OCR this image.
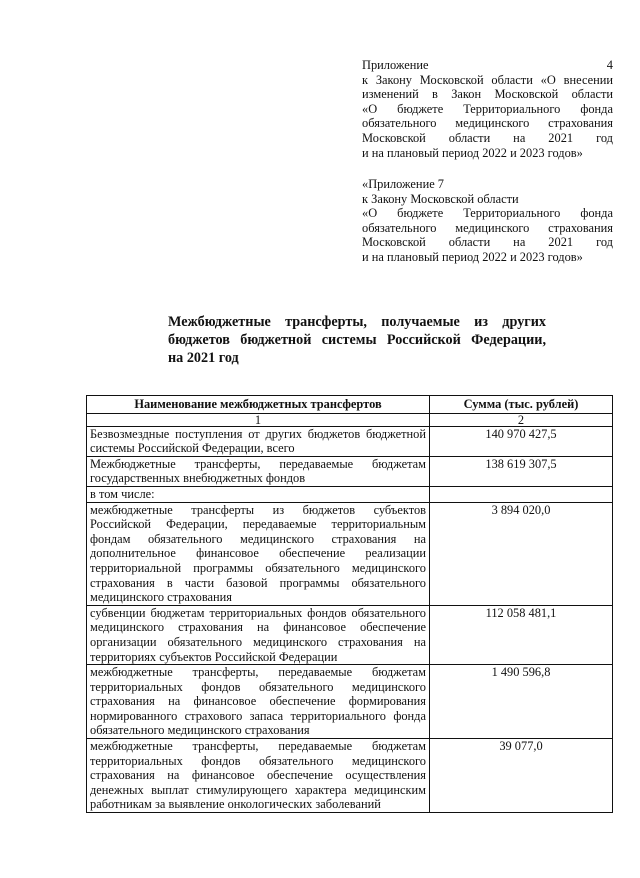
Приложение 4
к Закону Московской области «О внесении
изменений в Закон Московской области
«О бюджете Территориального фонда
обязательного медицинского страхования
Московской области на 2021 год
и на плановый период 2022 и 2023 годов»
«Приложение 7
к Закону Московской области
«О бюджете Территориального фонда
обязательного медицинского страхования
Московской области на 2021 год
и на плановый период 2022 и 2023 годов»
Межбюджетные трансферты, получаемые из других
бюджетов бюджетной системы Российской Федерации,
на 2021 год
Наименование межбюджетных трансфертов	Сумма (тыс. рублей)
1	2

Безвозмездные поступления от других бюджетов бюджетной системы Российской Федерации, всего	140 970 427,5

Межбюджетные трансферты, передаваемые бюджетам государственных внебюджетных фондов	138 619 307,5

в том числе:	

межбюджетные трансферты из бюджетов субъектов Российской Федерации, передаваемые территориальным фондам обязательного медицинского страхования на дополнительное финансовое обеспечение реализации территориальной программы обязательного медицинского страхования в части базовой программы обязательного медицинского страхования	3 894 020,0

субвенции бюджетам территориальных фондов обязательного медицинского страхования на финансовое обеспечение организации обязательного медицинского страхования на территориях субъектов Российской Федерации	112 058 481,1

межбюджетные трансферты, передаваемые бюджетам территориальных фондов обязательного медицинского страхования на финансовое обеспечение формирования нормированного страхового запаса территориального фонда обязательного медицинского страхования	1 490 596,8

межбюджетные трансферты, передаваемые бюджетам территориальных фондов обязательного медицинского страхования на финансовое обеспечение осуществления денежных выплат стимулирующего характера медицинским работникам за выявление онкологических заболеваний	39 077,0
